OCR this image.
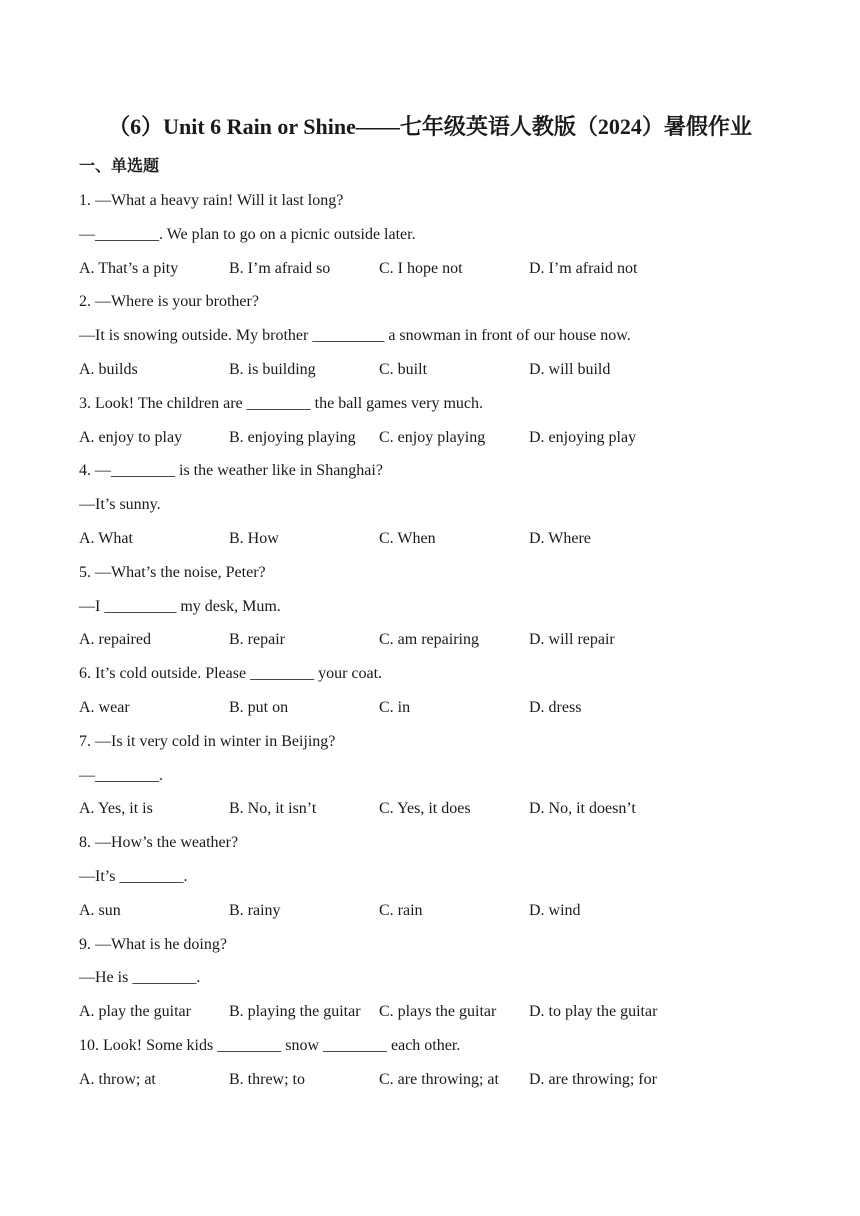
（6）Unit 6 Rain or Shine——七年级英语人教版（2024）暑假作业
一、单选题
1. —What a heavy rain! Will it last long?
—________. We plan to go on a picnic outside later.
A. That’s a pity	B. I’m afraid so	C. I hope not	D. I’m afraid not
2. —Where is your brother?
—It is snowing outside. My brother _________ a snowman in front of our house now.
A. builds	B. is building	C. built	D. will build
3. Look! The children are ________ the ball games very much.
A. enjoy to play	B. enjoying playing C. enjoy playing	D. enjoying play
4. —________ is the weather like in Shanghai?
—It’s sunny.
A. What	B. How	C. When	D. Where
5. —What’s the noise, Peter?
—I _________ my desk, Mum.
A. repaired	B. repair	C. am repairing	D. will repair
6. It’s cold outside. Please ________ your coat.
A. wear	B. put on	C. in	D. dress
7. —Is it very cold in winter in Beijing?
—________.
A. Yes, it is	B. No, it isn’t	C. Yes, it does	D. No, it doesn’t
8. —How’s the weather?
—It’s ________.
A. sun	B. rainy	C. rain	D. wind
9. —What is he doing?
—He is ________.
A. play the guitar B. playing the guitar C. plays the guitar D. to play the guitar
10. Look! Some kids ________ snow ________ each other.
A. throw; at	B. threw; to	C. are throwing; at D. are throwing; for
